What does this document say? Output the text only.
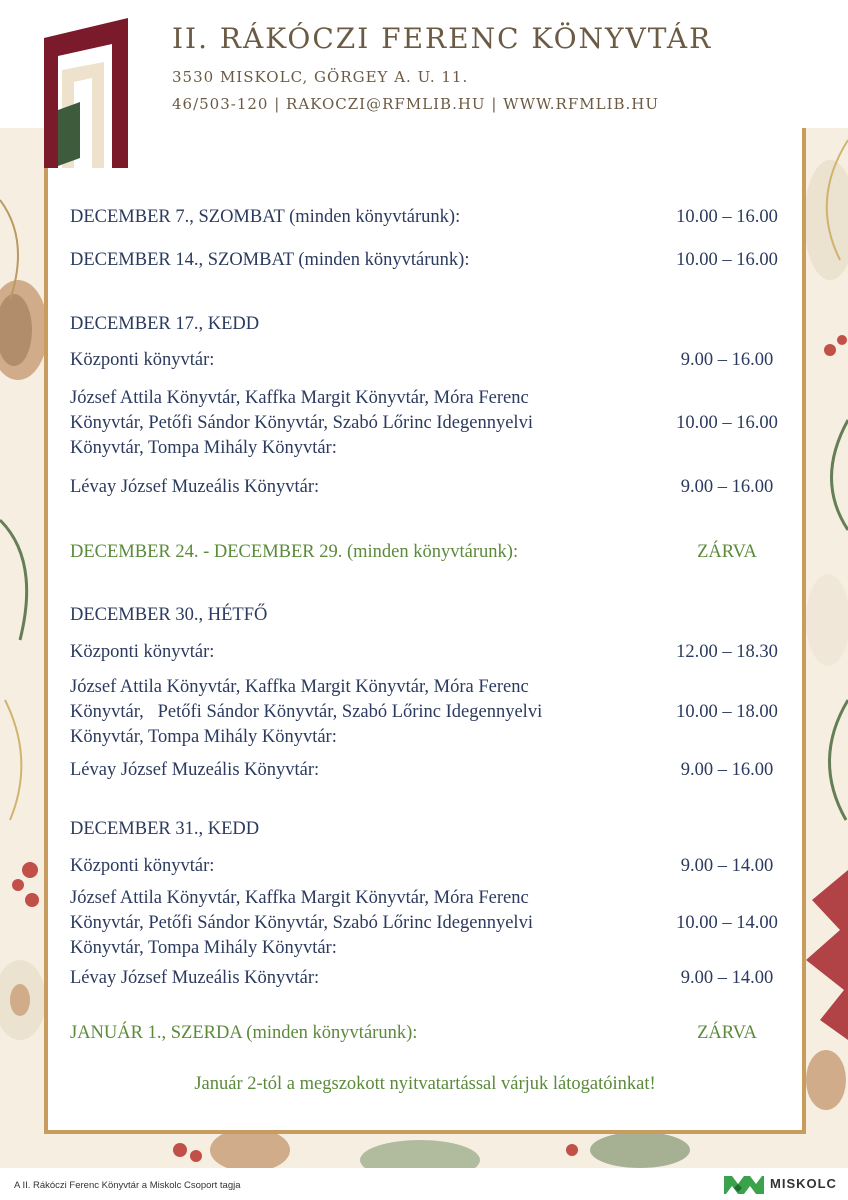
II. RÁKÓCZI FERENC KÖNYVTÁR
3530 MISKOLC, GÖRGEY A. U. 11.
46/503-120 | RAKOCZI@RFMLIB.HU | WWW.RFMLIB.HU
DECEMBER 7., SZOMBAT (minden könyvtárunk):	10.00 – 16.00
DECEMBER 14., SZOMBAT (minden könyvtárunk):	10.00 – 16.00
DECEMBER 17., KEDD
Központi könyvtár:	9.00 – 16.00
József Attila Könyvtár, Kaffka Margit Könyvtár, Móra Ferenc
Könyvtár, Petőfi Sándor Könyvtár, Szabó Lőrinc Idegennyelvi
Könyvtár, Tompa Mihály Könyvtár:
10.00 – 16.00
Lévay József Muzeális Könyvtár:	9.00 – 16.00
DECEMBER 24. - DECEMBER 29. (minden könyvtárunk):	ZÁRVA
DECEMBER 30., HÉTFŐ
Központi könyvtár:	12.00 – 18.30
József Attila Könyvtár, Kaffka Margit Könyvtár, Móra Ferenc
Könyvtár,   Petőfi Sándor Könyvtár, Szabó Lőrinc Idegennyelvi
Könyvtár, Tompa Mihály Könyvtár:
10.00 – 18.00
Lévay József Muzeális Könyvtár:	9.00 – 16.00
DECEMBER 31., KEDD
Központi könyvtár:	9.00 – 14.00
József Attila Könyvtár, Kaffka Margit Könyvtár, Móra Ferenc
Könyvtár, Petőfi Sándor Könyvtár, Szabó Lőrinc Idegennyelvi
Könyvtár, Tompa Mihály Könyvtár:
10.00 – 14.00
Lévay József Muzeális Könyvtár:	9.00 – 14.00
JANUÁR 1., SZERDA (minden könyvtárunk):	ZÁRVA
Január 2-tól a megszokott nyitvatartással várjuk látogatóinkat!
A II. Rákóczi Ferenc Könyvtár a Miskolc Csoport tagja	MISKOLC
